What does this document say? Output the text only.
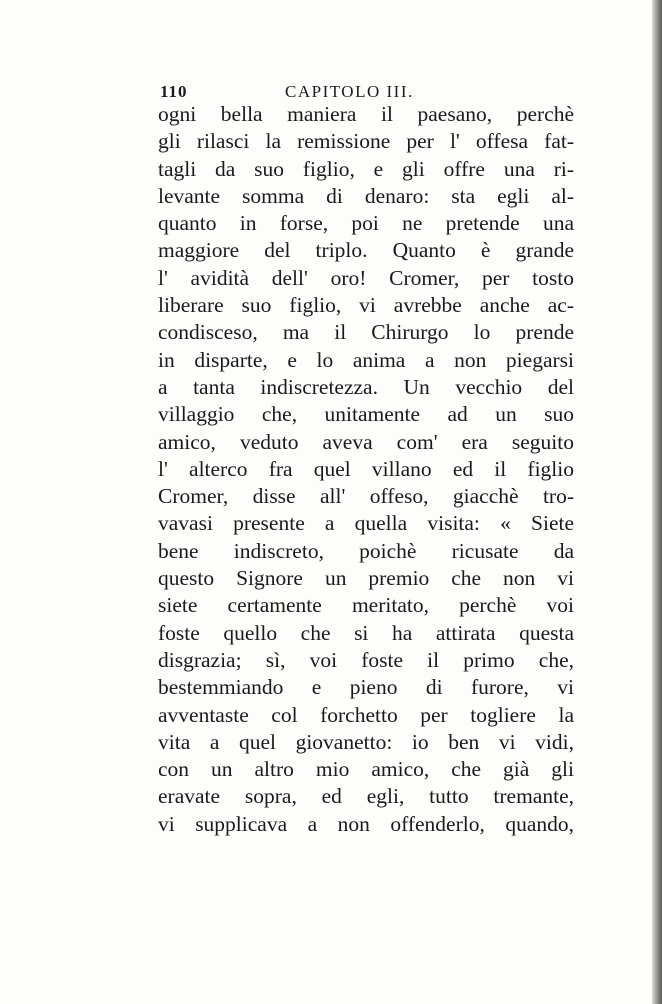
110	CAPITOLO III.
ogni bella maniera il paesano, perchè
gli rilasci la remissione per l' offesa fat-
tagli da suo figlio, e gli offre una ri-
levante somma di denaro: sta egli al-
quanto in forse, poi ne pretende una
maggiore del triplo. Quanto è grande
l' avidità dell' oro! Cromer, per tosto
liberare suo figlio, vi avrebbe anche ac-
condisceso, ma il Chirurgo lo prende
in disparte, e lo anima a non piegarsi
a tanta indiscretezza. Un vecchio del
villaggio che, unitamente ad un suo
amico, veduto aveva com' era seguito
l' alterco fra quel villano ed il figlio
Cromer, disse all' offeso, giacchè tro-
vavasi presente a quella visita: « Siete
bene indiscreto, poichè ricusate da
questo Signore un premio che non vi
siete certamente meritato, perchè voi
foste quello che si ha attirata questa
disgrazia; sì, voi foste il primo che,
bestemmiando e pieno di furore, vi
avventaste col forchetto per togliere la
vita a quel giovanetto: io ben vi vidi,
con un altro mio amico, che già gli
eravate sopra, ed egli, tutto tremante,
vi supplicava a non offenderlo, quando,
